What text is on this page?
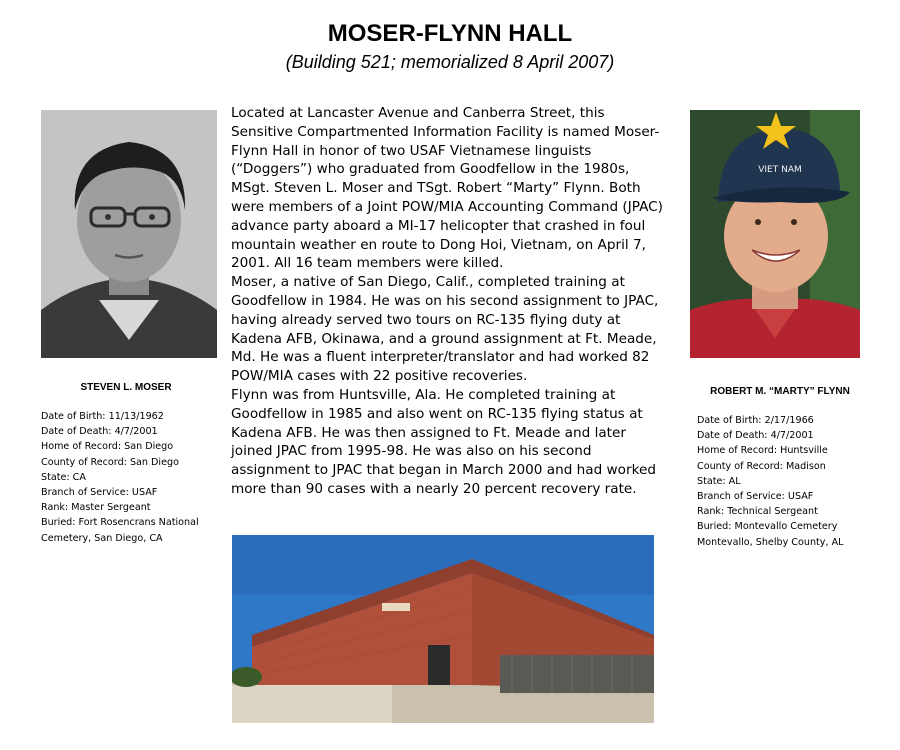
MOSER-FLYNN HALL
(Building 521; memorialized 8 April 2007)
VIET NAM
STEVEN L. MOSER	ROBERT M. “MARTY” FLYNN
Date of Birth: 11/13/1962
Date of Death: 4/7/2001
Home of Record: San Diego
County of Record: San Diego
State: CA
Branch of Service: USAF
Rank: Master Sergeant
Buried: Fort Rosencrans National
Cemetery, San Diego, CA
Date of Birth: 2/17/1966
Date of Death: 4/7/2001
Home of Record: Huntsville
County of Record: Madison
State: AL
Branch of Service: USAF
Rank: Technical Sergeant
Buried: Montevallo Cemetery
Montevallo, Shelby County, AL

Located at Lancaster Avenue and Canberra Street, this Sensitive Compartmented Information Facility is named Moser-Flynn Hall in honor of two USAF Vietnamese linguists (“Doggers”) who graduated from Goodfellow in the 1980s, MSgt. Steven L. Moser and TSgt. Robert “Marty” Flynn. Both were members of a Joint POW/MIA Accounting Command (JPAC) advance party aboard a MI-17 helicopter that crashed in foul mountain weather en route to Dong Hoi, Vietnam, on April 7, 2001. All 16 team members were killed.

Moser, a native of San Diego, Calif., completed training at Goodfellow in 1984. He was on his second assignment to JPAC, having already served two tours on RC-135 flying duty at Kadena AFB, Okinawa, and a ground assignment at Ft. Meade, Md. He was a fluent interpreter/translator and had worked 82 POW/MIA cases with 22 positive recoveries.

Flynn was from Huntsville, Ala. He completed training at Goodfellow in 1985 and also went on RC-135 flying status at Kadena AFB. He was then assigned to Ft. Meade and later joined JPAC from 1995-98. He was also on his second assignment to JPAC that began in March 2000 and had worked more than 90 cases with a nearly 20 percent recovery rate.
